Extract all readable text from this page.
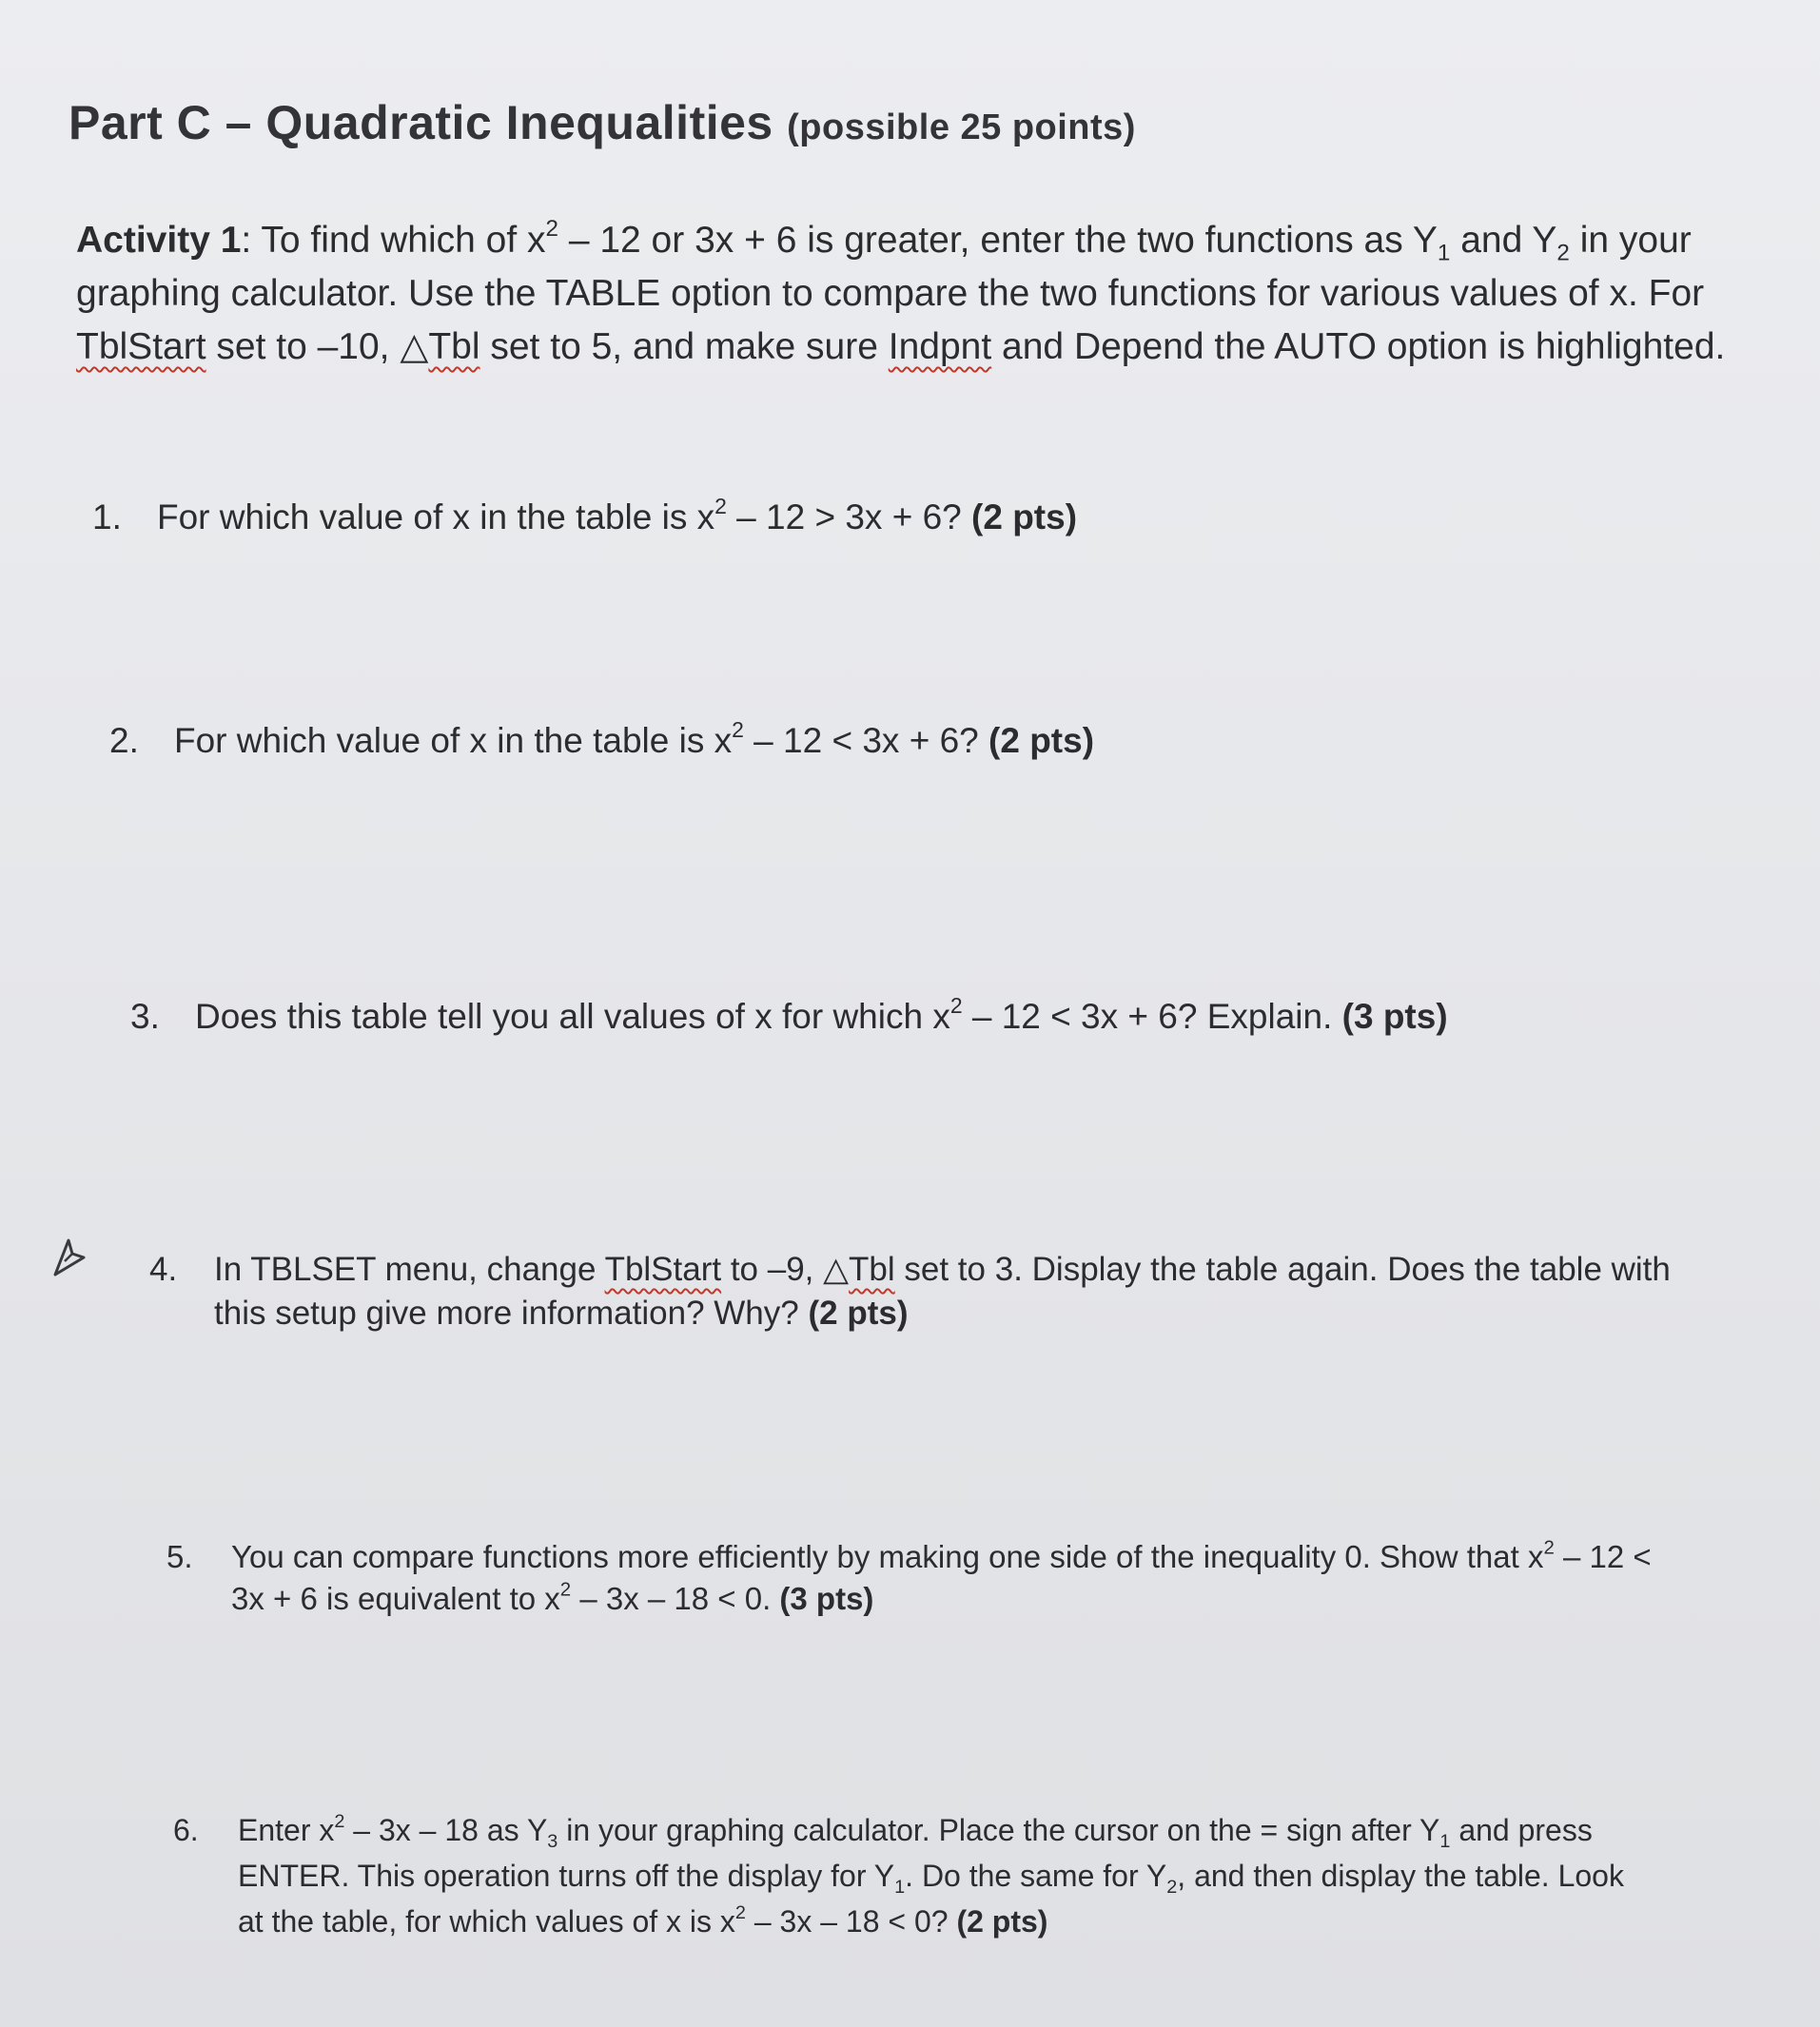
Part C – Quadratic Inequalities (possible 25 points)
Activity 1: To find which of $x^2 - 12$ or 3x + 6 is greater, enter the two functions as $Y_1$ and $Y_2$ in your graphing calculator. Use the TABLE option to compare the two functions for various values of x. For TblStart set to –10, △Tbl set to 5, and make sure Indpnt and Depend the AUTO option is highlighted.
1. For which value of x in the table is $x^2 - 12 > 3x + 6$? (2 pts)
2. For which value of x in the table is $x^2 - 12 < 3x + 6$? (2 pts)
3. Does this table tell you all values of x for which $x^2 - 12 < 3x + 6$? Explain. (3 pts)
4. In TBLSET menu, change TblStart to –9, △Tbl set to 3. Display the table again. Does the table with this setup give more information? Why? (2 pts)
5. You can compare functions more efficiently by making one side of the inequality 0. Show that $x^2 - 12 < 3x + 6$ is equivalent to $x^2 - 3x - 18 < 0$. (3 pts)
6. Enter $x^2 - 3x - 18$ as $Y_3$ in your graphing calculator. Place the cursor on the = sign after $Y_1$ and press ENTER. This operation turns off the display for $Y_1$. Do the same for $Y_2$, and then display the table. Look at the table, for which values of x is $x^2 - 3x - 18 < 0$? (2 pts)
